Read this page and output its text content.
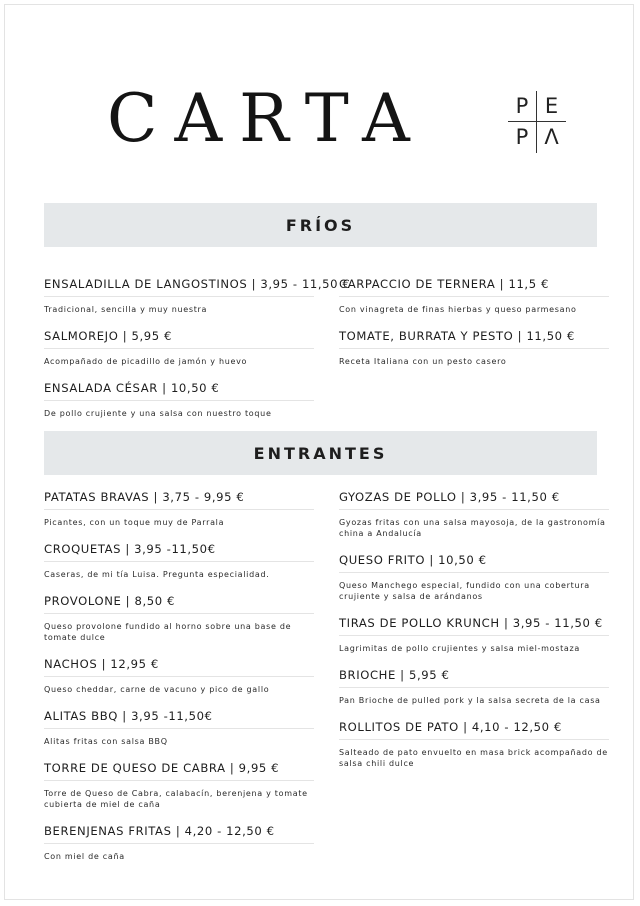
CARTA	P E
P Λ
FRÍOS
ENSALADILLA DE LANGOSTINOS | 3,95 - 11,50 €
Tradicional, sencilla y muy nuestra
SALMOREJO | 5,95 €
Acompañado de picadillo de jamón y huevo
ENSALADA CÉSAR | 10,50 €
De pollo crujiente y una salsa con nuestro toque
CARPACCIO DE TERNERA | 11,5 €
Con vinagreta de finas hierbas y queso parmesano
TOMATE, BURRATA Y PESTO | 11,50 €
Receta Italiana con un pesto casero
ENTRANTES
PATATAS BRAVAS | 3,75 - 9,95 €
Picantes, con un toque muy de Parrala
CROQUETAS | 3,95 -11,50€
Caseras, de mi tía Luisa. Pregunta especialidad.
PROVOLONE | 8,50 €
Queso provolone fundido al horno sobre una base de tomate dulce
NACHOS | 12,95 €
Queso cheddar, carne de vacuno y pico de gallo
ALITAS BBQ | 3,95 -11,50€
Alitas fritas con salsa BBQ
TORRE DE QUESO DE CABRA | 9,95 €
Torre de Queso de Cabra, calabacín, berenjena y tomate cubierta de miel de caña
BERENJENAS FRITAS | 4,20 - 12,50 €
Con miel de caña
GYOZAS DE POLLO | 3,95 - 11,50 €
Gyozas fritas con una salsa mayosoja, de la gastronomía china a Andalucía
QUESO FRITO | 10,50 €
Queso Manchego especial, fundido con una cobertura crujiente y salsa de arándanos
TIRAS DE POLLO KRUNCH | 3,95 - 11,50 €
Lagrimitas de pollo crujientes y salsa miel-mostaza
BRIOCHE | 5,95 €
Pan Brioche de pulled pork y la salsa secreta de la casa
ROLLITOS DE PATO | 4,10 - 12,50 €
Salteado de pato envuelto en masa brick acompañado de salsa chili dulce
